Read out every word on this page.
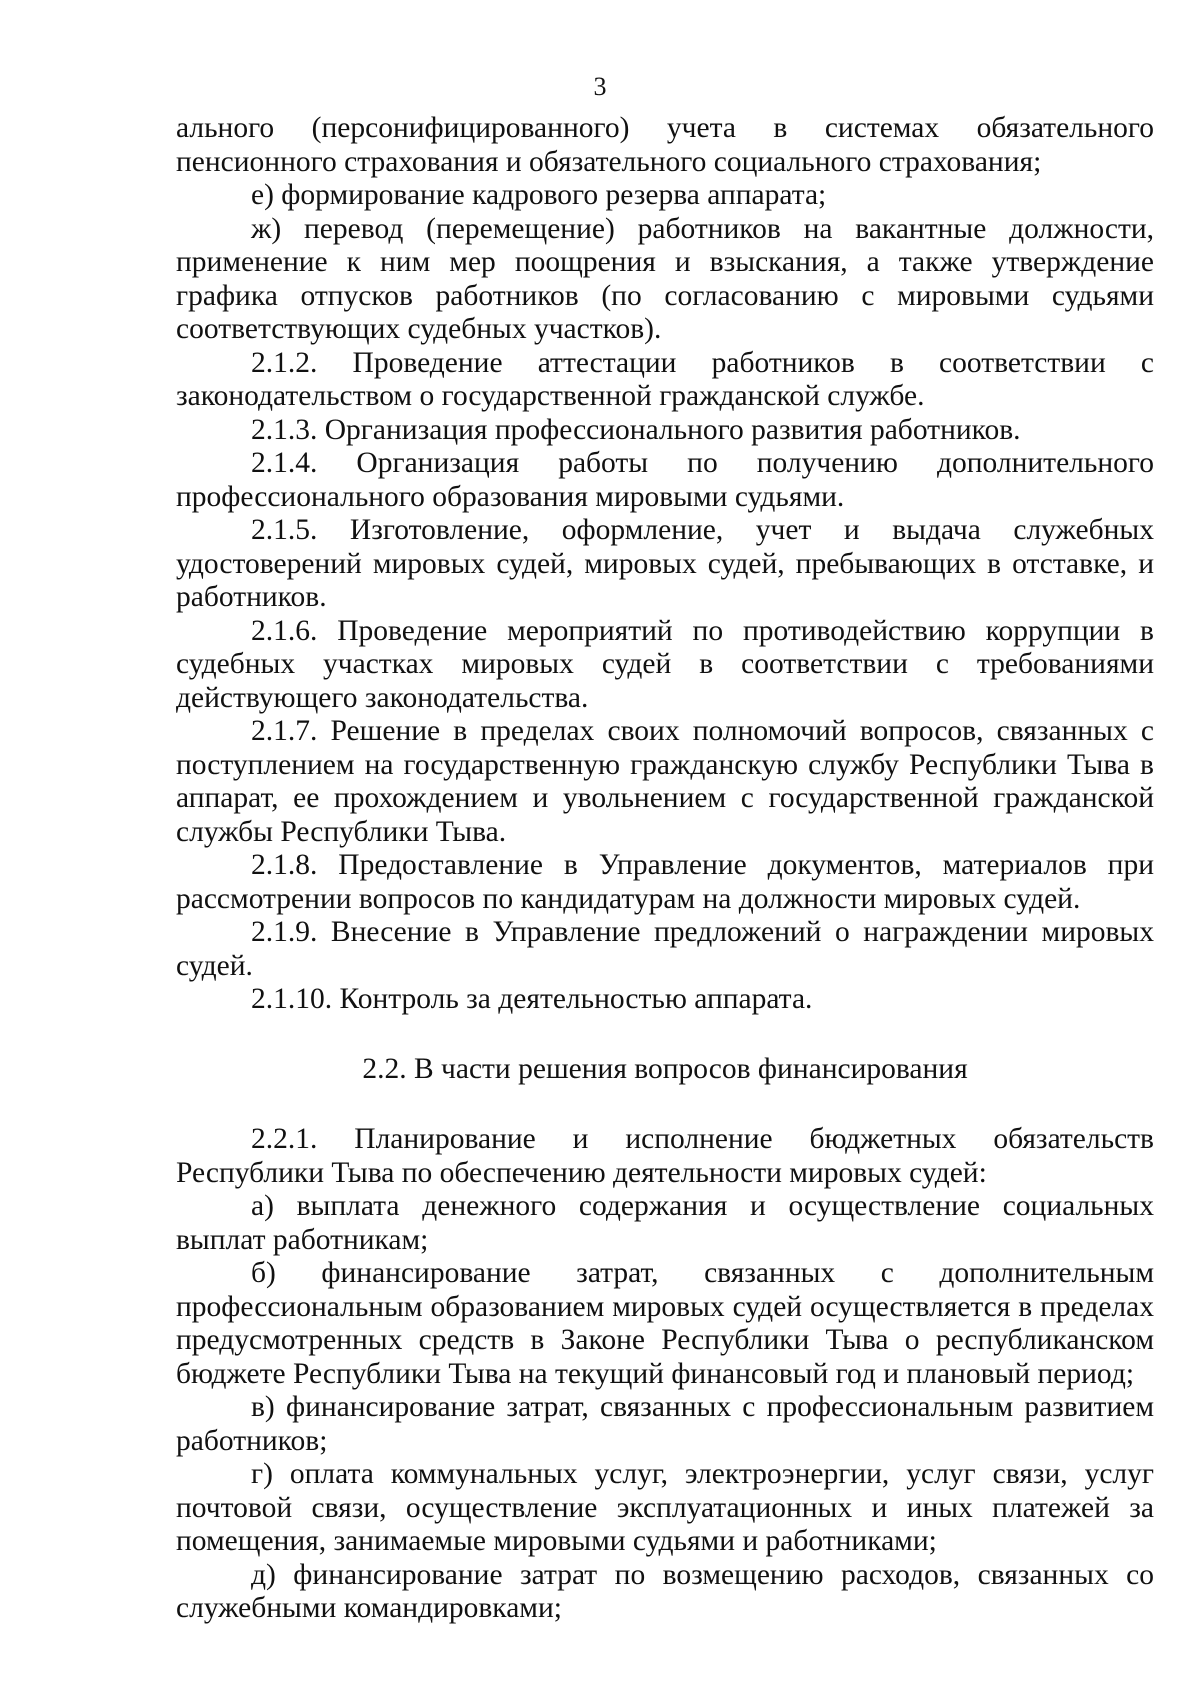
3

ального (персонифицированного) учета в системах обязательного пенсионного страхования и обязательного социального страхования;

е) формирование кадрового резерва аппарата;

ж) перевод (перемещение) работников на вакантные должности, применение к ним мер поощрения и взыскания, а также утверждение графика отпусков работников (по согласованию с мировыми судьями соответствующих судебных участков).

2.1.2. Проведение аттестации работников в соответствии с законодательством о государственной гражданской службе.

2.1.3. Организация профессионального развития работников.

2.1.4. Организация работы по получению дополнительного профессионального образования мировыми судьями.

2.1.5. Изготовление, оформление, учет и выдача служебных удостоверений мировых судей, мировых судей, пребывающих в отставке, и работников.

2.1.6. Проведение мероприятий по противодействию коррупции в судебных участках мировых судей в соответствии с требованиями действующего законодательства.

2.1.7. Решение в пределах своих полномочий вопросов, связанных с поступлением на государственную гражданскую службу Республики Тыва в аппарат, ее прохождением и увольнением с государственной гражданской службы Республики Тыва.

2.1.8. Предоставление в Управление документов, материалов при рассмотрении вопросов по кандидатурам на должности мировых судей.

2.1.9. Внесение в Управление предложений о награждении мировых судей.

2.1.10. Контроль за деятельностью аппарата.

2.2. В части решения вопросов финансирования

2.2.1. Планирование и исполнение бюджетных обязательств Республики Тыва по обеспечению деятельности мировых судей:

а) выплата денежного содержания и осуществление социальных выплат работникам;

б) финансирование затрат, связанных с дополнительным профессиональным образованием мировых судей осуществляется в пределах предусмотренных средств в Законе Республики Тыва о республиканском бюджете Республики Тыва на текущий финансовый год и плановый период;

в) финансирование затрат, связанных с профессиональным развитием работников;

г) оплата коммунальных услуг, электроэнергии, услуг связи, услуг почтовой связи, осуществление эксплуатационных и иных платежей за помещения, занимаемые мировыми судьями и работниками;

д) финансирование затрат по возмещению расходов, связанных со служебными командировками;
